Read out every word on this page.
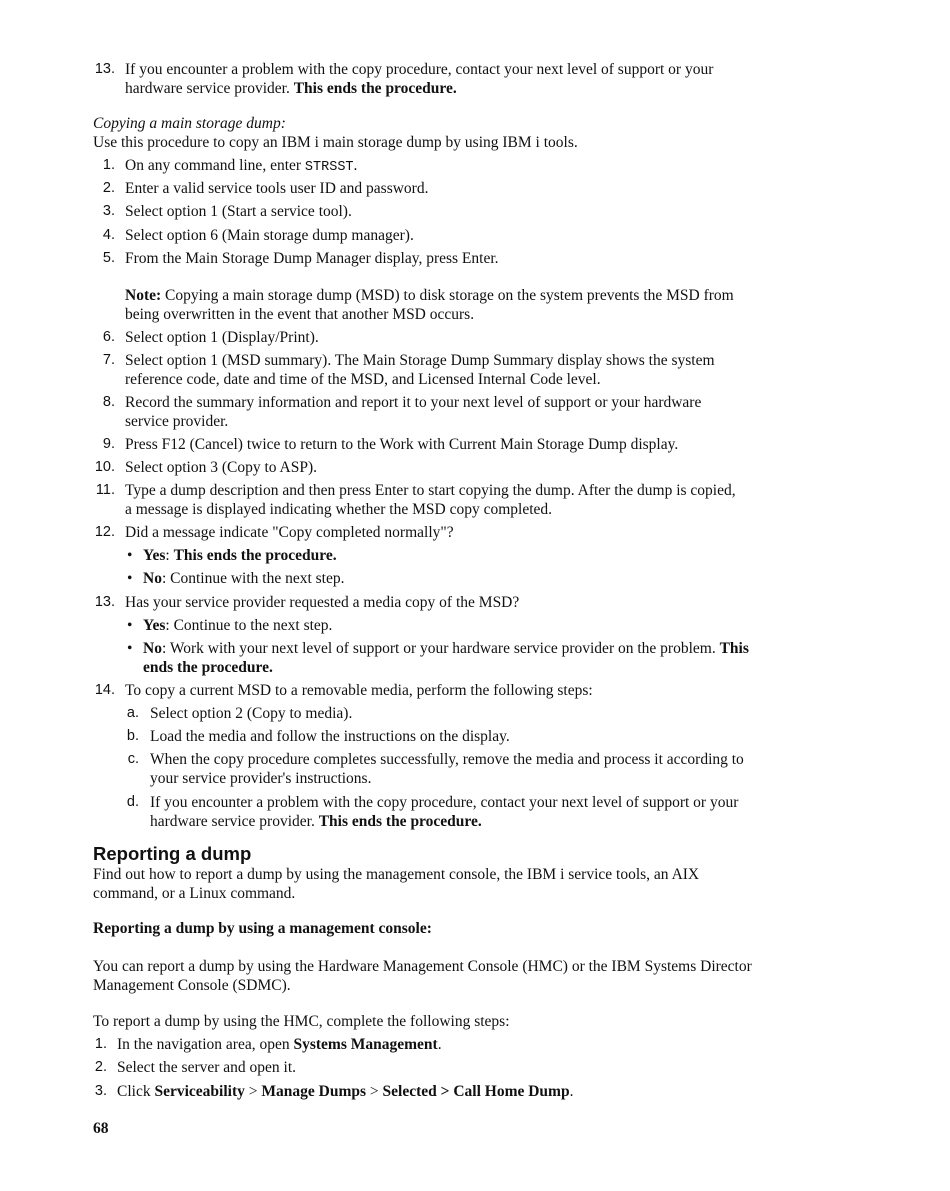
13. If you encounter a problem with the copy procedure, contact your next level of support or your
hardware service provider. This ends the procedure.
Copying a main storage dump:
Use this procedure to copy an IBM i main storage dump by using IBM i tools.
1. On any command line, enter STRSST.
2. Enter a valid service tools user ID and password.
3. Select option 1 (Start a service tool).
4. Select option 6 (Main storage dump manager).
5. From the Main Storage Dump Manager display, press Enter.
Note: Copying a main storage dump (MSD) to disk storage on the system prevents the MSD from
being overwritten in the event that another MSD occurs.
6. Select option 1 (Display/Print).
7. Select option 1 (MSD summary). The Main Storage Dump Summary display shows the system
reference code, date and time of the MSD, and Licensed Internal Code level.
8. Record the summary information and report it to your next level of support or your hardware
service provider.
9. Press F12 (Cancel) twice to return to the Work with Current Main Storage Dump display.
10. Select option 3 (Copy to ASP).
11. Type a dump description and then press Enter to start copying the dump. After the dump is copied,
a message is displayed indicating whether the MSD copy completed.
12. Did a message indicate "Copy completed normally"?
• Yes: This ends the procedure.
• No: Continue with the next step.
13. Has your service provider requested a media copy of the MSD?
• Yes: Continue to the next step.
• No: Work with your next level of support or your hardware service provider on the problem. This
ends the procedure.
14. To copy a current MSD to a removable media, perform the following steps:
a. Select option 2 (Copy to media).
b. Load the media and follow the instructions on the display.
c. When the copy procedure completes successfully, remove the media and process it according to
your service provider's instructions.
d. If you encounter a problem with the copy procedure, contact your next level of support or your
hardware service provider. This ends the procedure.
Reporting a dump
Find out how to report a dump by using the management console, the IBM i service tools, an AIX
command, or a Linux command.
Reporting a dump by using a management console:
You can report a dump by using the Hardware Management Console (HMC) or the IBM Systems Director
Management Console (SDMC).
To report a dump by using the HMC, complete the following steps:
1. In the navigation area, open Systems Management.
2. Select the server and open it.
3. Click Serviceability > Manage Dumps > Selected > Call Home Dump.
68
